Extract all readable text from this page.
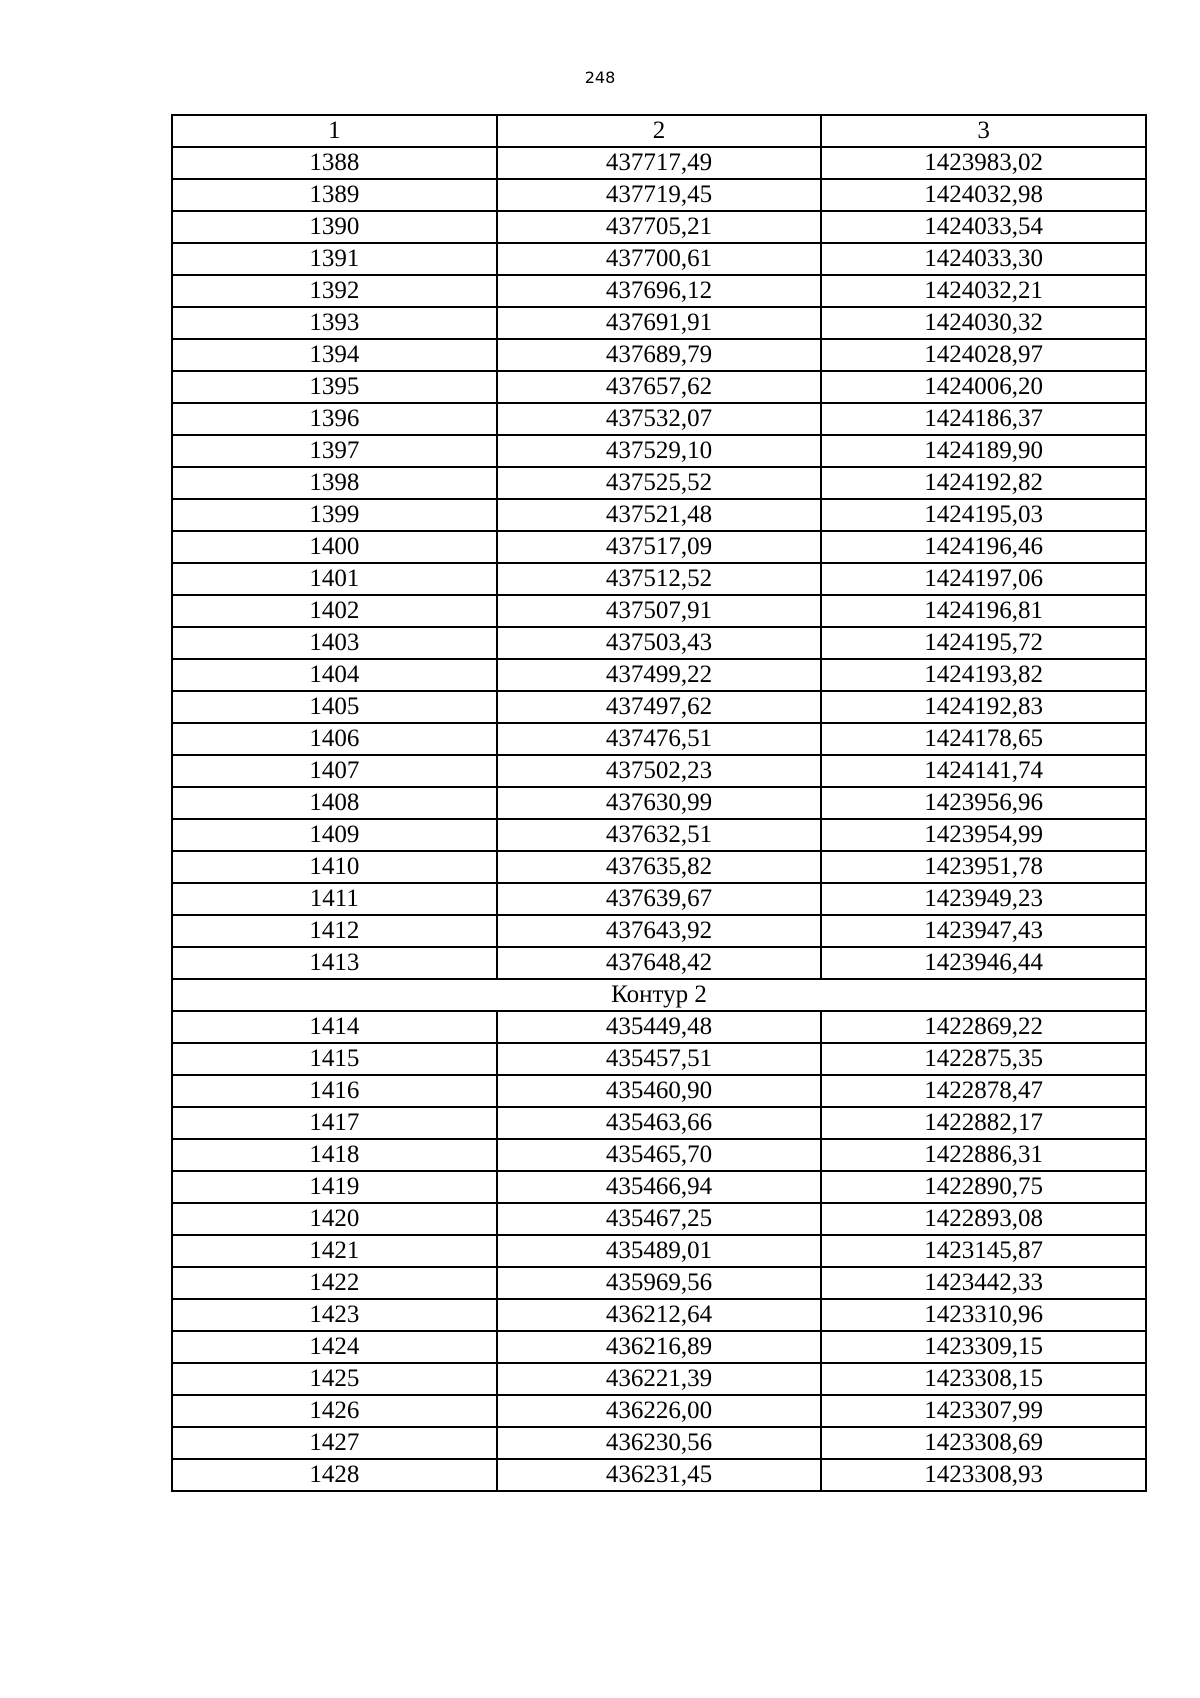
248
1	2	3
1388	437717,49	1423983,02
1389	437719,45	1424032,98
1390	437705,21	1424033,54
1391	437700,61	1424033,30
1392	437696,12	1424032,21
1393	437691,91	1424030,32
1394	437689,79	1424028,97
1395	437657,62	1424006,20
1396	437532,07	1424186,37
1397	437529,10	1424189,90
1398	437525,52	1424192,82
1399	437521,48	1424195,03
1400	437517,09	1424196,46
1401	437512,52	1424197,06
1402	437507,91	1424196,81
1403	437503,43	1424195,72
1404	437499,22	1424193,82
1405	437497,62	1424192,83
1406	437476,51	1424178,65
1407	437502,23	1424141,74
1408	437630,99	1423956,96
1409	437632,51	1423954,99
1410	437635,82	1423951,78
1411	437639,67	1423949,23
1412	437643,92	1423947,43
1413	437648,42	1423946,44
Контур 2		
1414	435449,48	1422869,22
1415	435457,51	1422875,35
1416	435460,90	1422878,47
1417	435463,66	1422882,17
1418	435465,70	1422886,31
1419	435466,94	1422890,75
1420	435467,25	1422893,08
1421	435489,01	1423145,87
1422	435969,56	1423442,33
1423	436212,64	1423310,96
1424	436216,89	1423309,15
1425	436221,39	1423308,15
1426	436226,00	1423307,99
1427	436230,56	1423308,69
1428	436231,45	1423308,93
